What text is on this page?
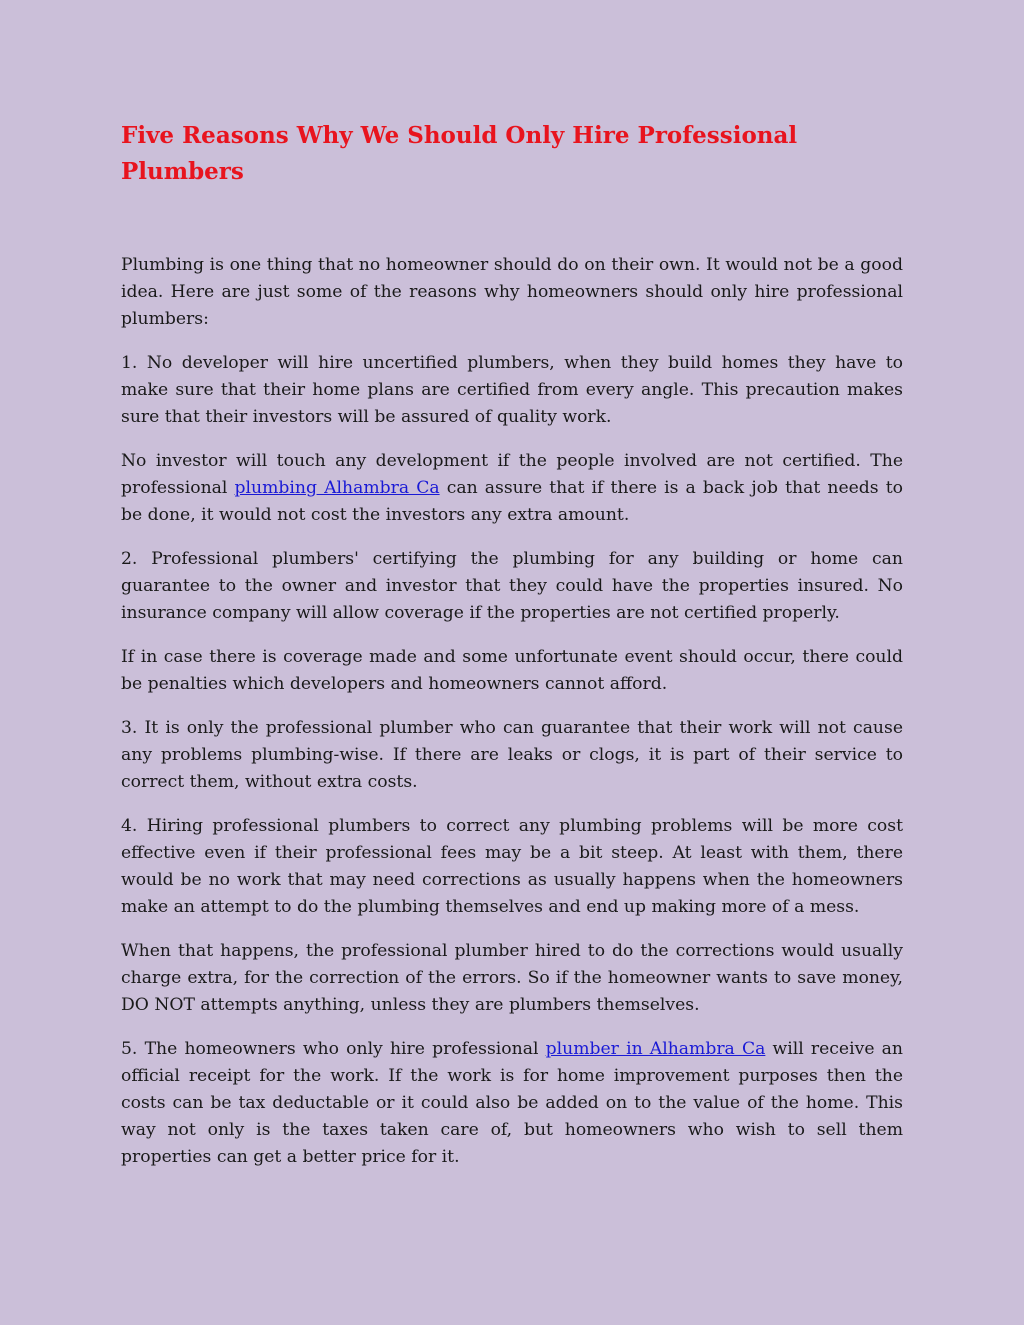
Five Reasons Why We Should Only Hire Professional Plumbers

Plumbing is one thing that no homeowner should do on their own. It would not be a good idea. Here are just some of the reasons why homeowners should only hire professional plumbers:

1. No developer will hire uncertified plumbers, when they build homes they have to make sure that their home plans are certified from every angle. This precaution makes sure that their investors will be assured of quality work.

No investor will touch any development if the people involved are not certified. The professional plumbing Alhambra Ca can assure that if there is a back job that needs to be done, it would not cost the investors any extra amount.

2. Professional plumbers' certifying the plumbing for any building or home can guarantee to the owner and investor that they could have the properties insured. No insurance company will allow coverage if the properties are not certified properly.

If in case there is coverage made and some unfortunate event should occur, there could be penalties which developers and homeowners cannot afford.

3. It is only the professional plumber who can guarantee that their work will not cause any problems plumbing-wise. If there are leaks or clogs, it is part of their service to correct them, without extra costs.

4. Hiring professional plumbers to correct any plumbing problems will be more cost effective even if their professional fees may be a bit steep. At least with them, there would be no work that may need corrections as usually happens when the homeowners make an attempt to do the plumbing themselves and end up making more of a mess.

When that happens, the professional plumber hired to do the corrections would usually charge extra, for the correction of the errors. So if the homeowner wants to save money, DO NOT attempts anything, unless they are plumbers themselves.

5. The homeowners who only hire professional plumber in Alhambra Ca will receive an official receipt for the work. If the work is for home improvement purposes then the costs can be tax deductable or it could also be added on to the value of the home. This way not only is the taxes taken care of, but homeowners who wish to sell them properties can get a better price for it.
